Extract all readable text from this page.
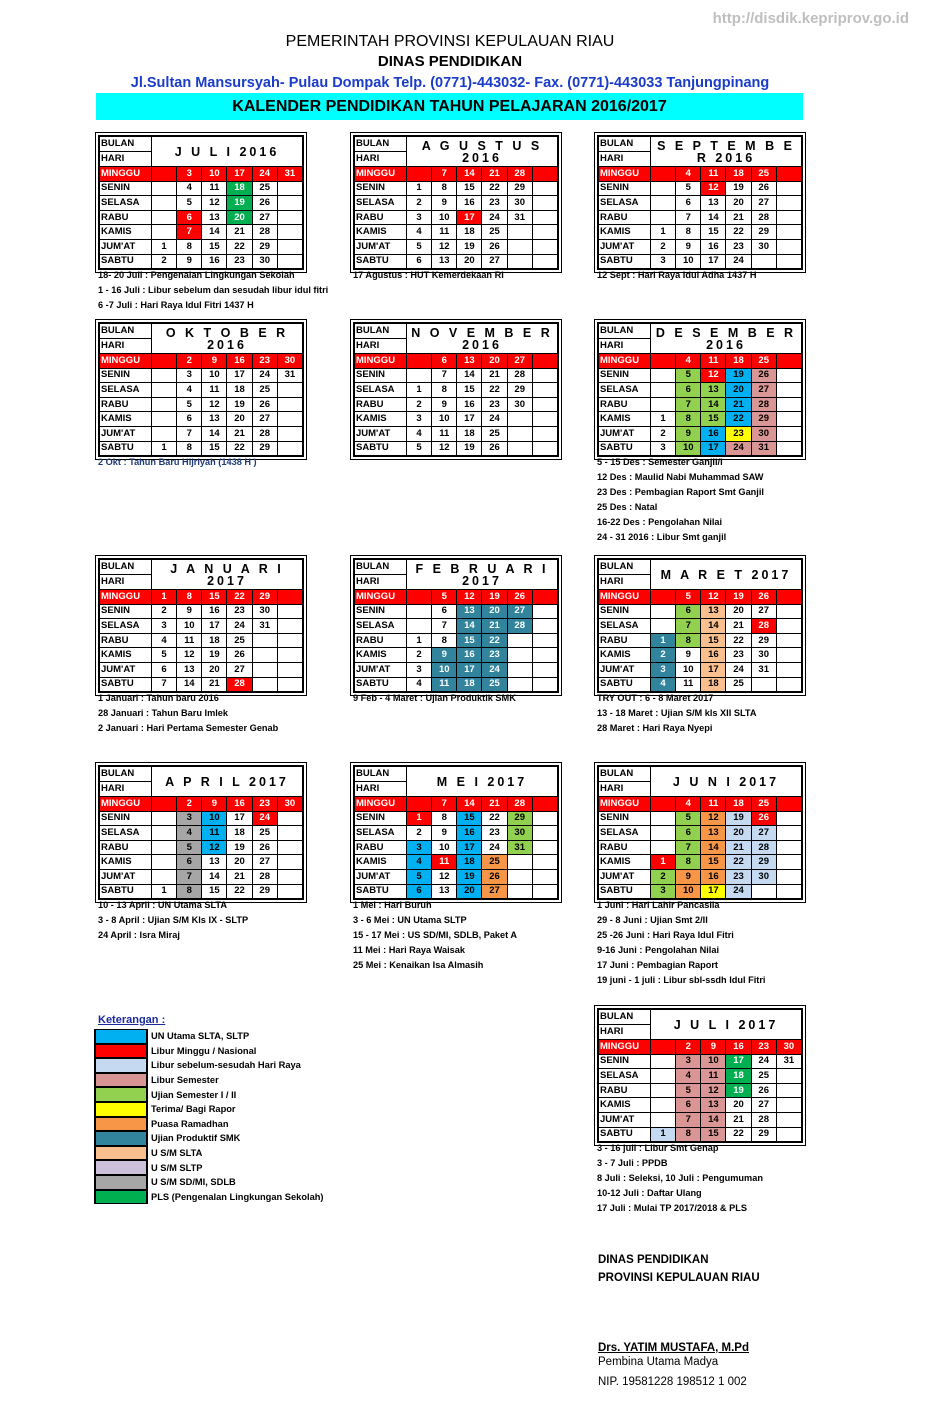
http://disdik.kepriprov.go.id
PEMERINTAH PROVINSI KEPULAUAN RIAU
DINAS PENDIDIKAN
Jl.Sultan Mansursyah- Pulau Dompak Telp. (0771)-443032- Fax. (0771)-443033 Tanjungpinang
KALENDER PENDIDIKAN TAHUN PELAJARAN 2016/2017
BULAN	J U L I 2016					
HARI						
MINGGU		3	10	17	24	31
SENIN		4	11	18	25	
SELASA		5	12	19	26	
RABU		6	13	20	27	
KAMIS		7	14	21	28	
JUM'AT	1	8	15	22	29	
SABTU	2	9	16	23	30	
18- 20 Juli : Pengenalan Lingkungan Sekolah
1 - 16 Juli : Libur sebelum dan sesudah libur idul fitri
6 -7 Juli : Hari Raya Idul Fitri 1437 H
BULAN	A G U S T U S 2016					
HARI						
MINGGU		7	14	21	28	
SENIN	1	8	15	22	29	
SELASA	2	9	16	23	30	
RABU	3	10	17	24	31	
KAMIS	4	11	18	25		
JUM'AT	5	12	19	26		
SABTU	6	13	20	27		
17 Agustus : HUT Kemerdekaan RI
BULAN	S E P T E M B E R 2016					
HARI						
MINGGU		4	11	18	25	
SENIN		5	12	19	26	
SELASA		6	13	20	27	
RABU		7	14	21	28	
KAMIS	1	8	15	22	29	
JUM'AT	2	9	16	23	30	
SABTU	3	10	17	24		
12 Sept : Hari Raya Idul Adha 1437 H
BULAN	O K T O B E R 2016					
HARI						
MINGGU		2	9	16	23	30
SENIN		3	10	17	24	31
SELASA		4	11	18	25	
RABU		5	12	19	26	
KAMIS		6	13	20	27	
JUM'AT		7	14	21	28	
SABTU	1	8	15	22	29	
2 Okt : Tahun Baru Hijriyah (1438 H )
BULAN	N O V E M B E R 2016					
HARI						
MINGGU		6	13	20	27	
SENIN		7	14	21	28	
SELASA	1	8	15	22	29	
RABU	2	9	16	23	30	
KAMIS	3	10	17	24		
JUM'AT	4	11	18	25		
SABTU	5	12	19	26		
BULAN	D E S E M B E R 2016					
HARI						
MINGGU		4	11	18	25	
SENIN		5	12	19	26	
SELASA		6	13	20	27	
RABU		7	14	21	28	
KAMIS	1	8	15	22	29	
JUM'AT	2	9	16	23	30	
SABTU	3	10	17	24	31	
5 - 15 Des : Semester Ganjil/I
12 Des : Maulid Nabi Muhammad SAW
23 Des : Pembagian Raport Smt Ganjil
25 Des : Natal
16-22 Des : Pengolahan Nilai
24 - 31 2016 : Libur Smt ganjil
BULAN	J A N U A R I 2017					
HARI						
MINGGU	1	8	15	22	29	
SENIN	2	9	16	23	30	
SELASA	3	10	17	24	31	
RABU	4	11	18	25		
KAMIS	5	12	19	26		
JUM'AT	6	13	20	27		
SABTU	7	14	21	28		
1 Januari : Tahun baru 2016
28 Januari : Tahun Baru Imlek
2 Januari : Hari Pertama Semester Genab
BULAN	F E B R U A R I 2017					
HARI						
MINGGU		5	12	19	26	
SENIN		6	13	20	27	
SELASA		7	14	21	28	
RABU	1	8	15	22		
KAMIS	2	9	16	23		
JUM'AT	3	10	17	24		
SABTU	4	11	18	25		
9 Feb - 4 Maret : Ujian Produktik SMK
BULAN	M A R E T 2017					
HARI						
MINGGU		5	12	19	26	
SENIN		6	13	20	27	
SELASA		7	14	21	28	
RABU	1	8	15	22	29	
KAMIS	2	9	16	23	30	
JUM'AT	3	10	17	24	31	
SABTU	4	11	18	25		
TRY OUT : 6 - 8 Maret 2017
13 - 18 Maret : Ujian S/M kls XII SLTA
28 Maret : Hari Raya Nyepi
BULAN	A P R I L 2017					
HARI						
MINGGU		2	9	16	23	30
SENIN		3	10	17	24	
SELASA		4	11	18	25	
RABU		5	12	19	26	
KAMIS		6	13	20	27	
JUM'AT		7	14	21	28	
SABTU	1	8	15	22	29	
10 - 13 April : UN Utama SLTA
3 - 8 April : Ujian S/M Kls IX - SLTP
24 April : Isra Miraj
BULAN	M E I 2017					
HARI						
MINGGU		7	14	21	28	
SENIN	1	8	15	22	29	
SELASA	2	9	16	23	30	
RABU	3	10	17	24	31	
KAMIS	4	11	18	25		
JUM'AT	5	12	19	26		
SABTU	6	13	20	27		
1 Mei : Hari Buruh
3 - 6 Mei : UN Utama SLTP
15 - 17 Mei : US SD/MI, SDLB, Paket A
11 Mei : Hari Raya Waisak
25 Mei : Kenaikan Isa Almasih
BULAN	J U N I 2017					
HARI						
MINGGU		4	11	18	25	
SENIN		5	12	19	26	
SELASA		6	13	20	27	
RABU		7	14	21	28	
KAMIS	1	8	15	22	29	
JUM'AT	2	9	16	23	30	
SABTU	3	10	17	24		
1 Juni : Hari Lahir Pancasila
29 - 8 Juni : Ujian Smt 2/II
25 -26 Juni : Hari Raya Idul Fitri
9-16 Juni : Pengolahan Nilai
17 Juni : Pembagian Raport
19 juni - 1 juli : Libur sbl-ssdh Idul Fitri
BULAN	J U L I 2017					
HARI						
MINGGU		2	9	16	23	30
SENIN		3	10	17	24	31
SELASA		4	11	18	25	
RABU		5	12	19	26	
KAMIS		6	13	20	27	
JUM'AT		7	14	21	28	
SABTU	1	8	15	22	29	
3 - 16 juli : Libur Smt Genap
3 - 7 Juli : PPDB
8 Juli : Seleksi, 10 Juli : Pengumuman
10-12 Juli : Daftar Ulang
17 Juli : Mulai TP 2017/2018 & PLS
Keterangan :
UN Utama SLTA, SLTP
Libur Minggu / Nasional
Libur sebelum-sesudah Hari Raya
Libur Semester
Ujian Semester I / II
Terima/ Bagi Rapor
Puasa Ramadhan
Ujian Produktif SMK
U S/M SLTA
U S/M SLTP
U S/M SD/MI, SDLB
PLS (Pengenalan Lingkungan Sekolah)
DINAS PENDIDIKAN
PROVINSI KEPULAUAN RIAU
Drs. YATIM MUSTAFA, M.Pd
Pembina Utama Madya
NIP. 19581228 198512 1 002
